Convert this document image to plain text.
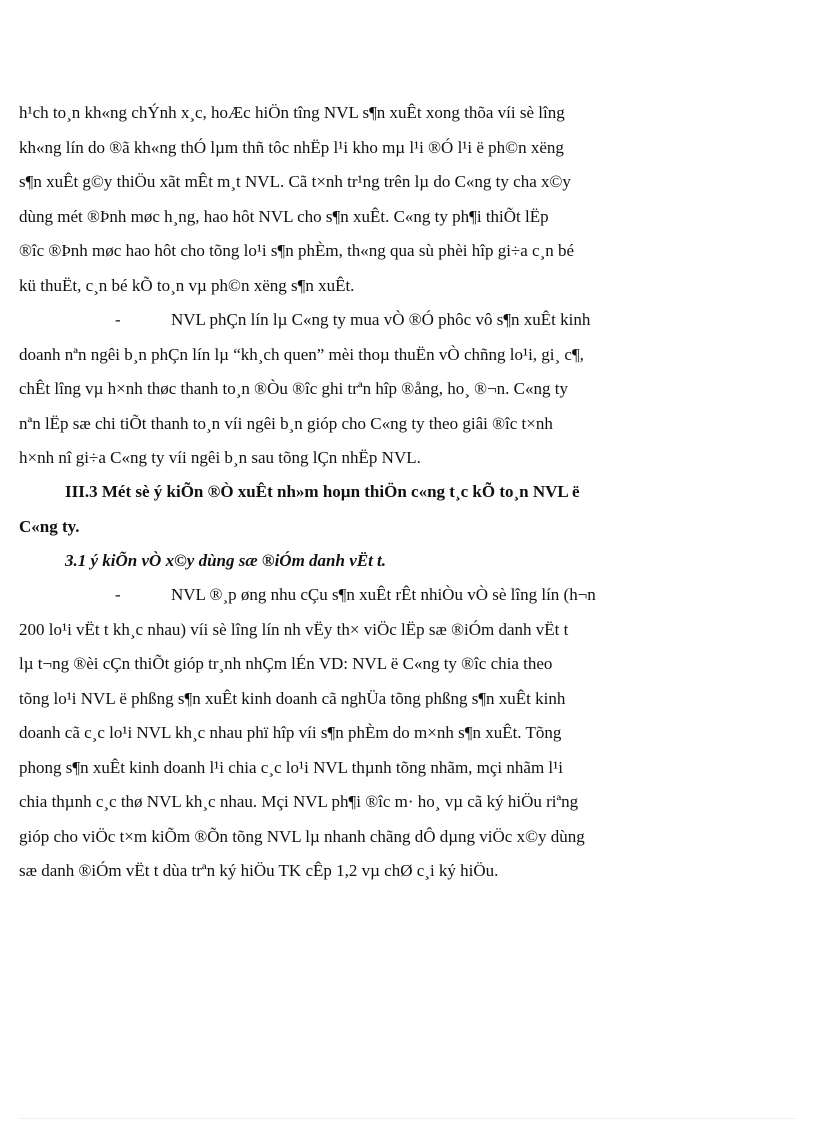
h¹ch to¸n kh«ng chÝnh x¸c, hoÆc hiÖn tîng NVL s¶n xuÊt xong thõa víi sè lîng
kh«ng lín do ®ã kh«ng thÓ lµm thñ tôc nhËp l¹i kho mµ l¹i ®Ó l¹i ë ph©n xëng
s¶n xuÊt g©y thiÖu xãt mÊt m¸t NVL. Cã t×nh tr¹ng trên lµ do C«ng ty cha x©y
dùng mét ®Þnh møc h¸ng, hao hôt NVL cho s¶n xuÊt. C«ng ty ph¶i thiÕt lËp
®îc ®Þnh møc hao hôt cho tõng lo¹i s¶n phÈm, th«ng qua sù phèi hîp gi÷a c¸n bé
kü thuËt, c¸n bé kÕ to¸n vµ ph©n xëng s¶n xuÊt.
-	NVL phÇn lín lµ C«ng ty mua vÒ ®Ó phôc vô s¶n xuÊt kinh
doanh nªn ngêi b¸n phÇn lín lµ “kh¸ch quen” mèi thoµ thuËn vÒ chñng lo¹i, gi¸ c¶,
chÊt lîng vµ h×nh thøc thanh to¸n ®Òu ®îc ghi trªn hîp ®ång, ho¸ ®¬n. C«ng ty
nªn lËp sæ chi tiÕt thanh to¸n víi ngêi b¸n gióp cho C«ng ty theo giâi ®îc t×nh
h×nh nî gi÷a C«ng ty víi ngêi b¸n sau tõng lÇn nhËp NVL.
III.3 Mét sè ý kiÕn ®Ò xuÊt nh»m hoµn thiÖn c«ng t¸c kÕ to¸n NVL ë
C«ng ty.
3.1 ý kiÕn vÒ x©y dùng sæ ®iÓm danh vËt t.
-	NVL ®¸p øng nhu cÇu s¶n xuÊt rÊt nhiÒu vÒ sè lîng lín (h¬n
200 lo¹i vËt t kh¸c nhau) víi sè lîng lín nh vËy th× viÖc lËp sæ ®iÓm danh vËt t
lµ t¬ng ®èi cÇn thiÕt gióp tr¸nh nhÇm lÉn VD: NVL ë C«ng ty ®îc chia theo
tõng lo¹i NVL ë phßng s¶n xuÊt kinh doanh cã nghÜa tõng phßng s¶n xuÊt kinh
doanh cã c¸c lo¹i NVL kh¸c nhau phï hîp víi s¶n phÈm do m×nh s¶n xuÊt. Tõng
phong s¶n xuÊt kinh doanh l¹i chia c¸c lo¹i NVL thµnh tõng nhãm, mçi nhãm l¹i
chia thµnh c¸c thø NVL kh¸c nhau. Mçi NVL ph¶i ®îc m· ho¸ vµ cã ký hiÖu riªng
gióp cho viÖc t×m kiÕm ®Õn tõng NVL lµ nhanh chãng dÔ dµng viÖc x©y dùng
sæ danh ®iÓm vËt t dùa trªn ký hiÖu TK cÊp 1,2 vµ chØ c¸i ký hiÖu.
